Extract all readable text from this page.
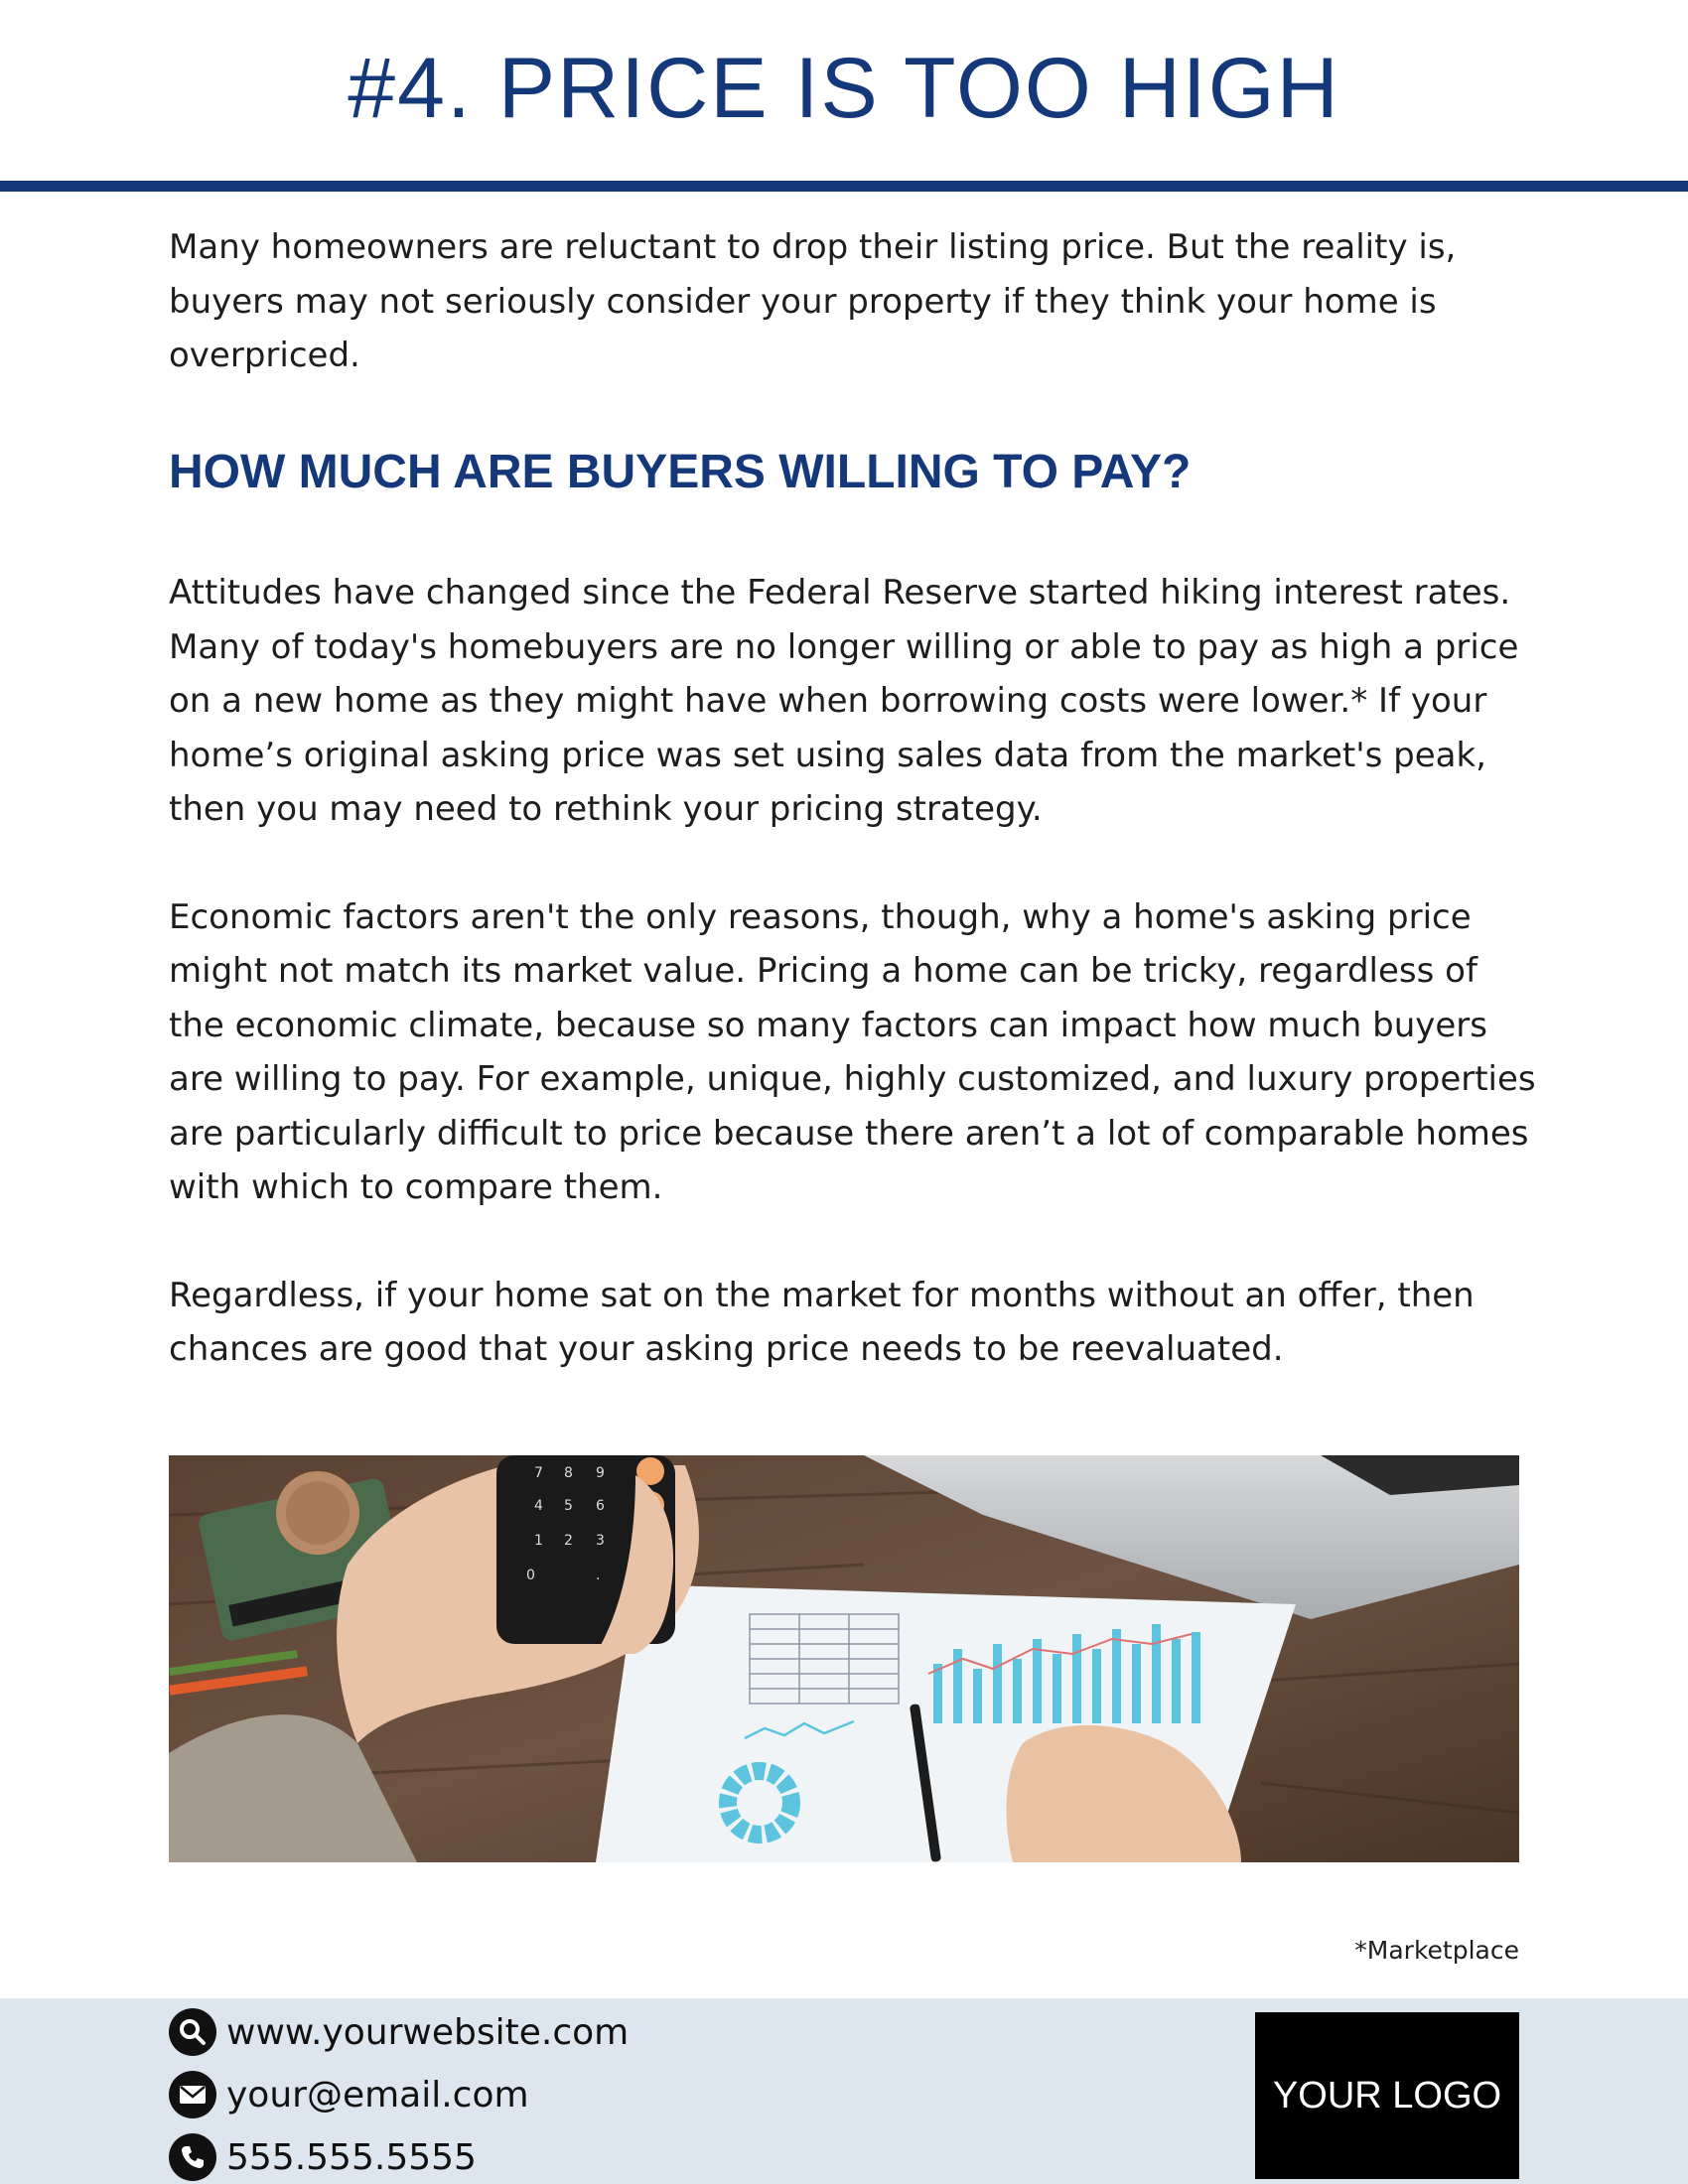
#4. PRICE IS TOO HIGH

Many homeowners are reluctant to drop their listing price. But the reality is, buyers may not seriously consider your property if they think your home is overpriced.

HOW MUCH ARE BUYERS WILLING TO PAY?

Attitudes have changed since the Federal Reserve started hiking interest rates. Many of today's homebuyers are no longer willing or able to pay as high a price on a new home as they might have when borrowing costs were lower.* If your home’s original asking price was set using sales data from the market's peak, then you may need to rethink your pricing strategy.

Economic factors aren't the only reasons, though, why a home's asking price might not match its market value. Pricing a home can be tricky, regardless of the economic climate, because so many factors can impact how much buyers are willing to pay. For example, unique, highly customized, and luxury properties are particularly difficult to price because there aren’t a lot of comparable homes with which to compare them.

Regardless, if your home sat on the market for months without an offer, then chances are good that your asking price needs to be reevaluated.

7 8 9
4 5 6
1 2 3
0	.
*Marketplace
www.yourwebsite.com
your@email.com
555.555.5555
YOUR LOGO
